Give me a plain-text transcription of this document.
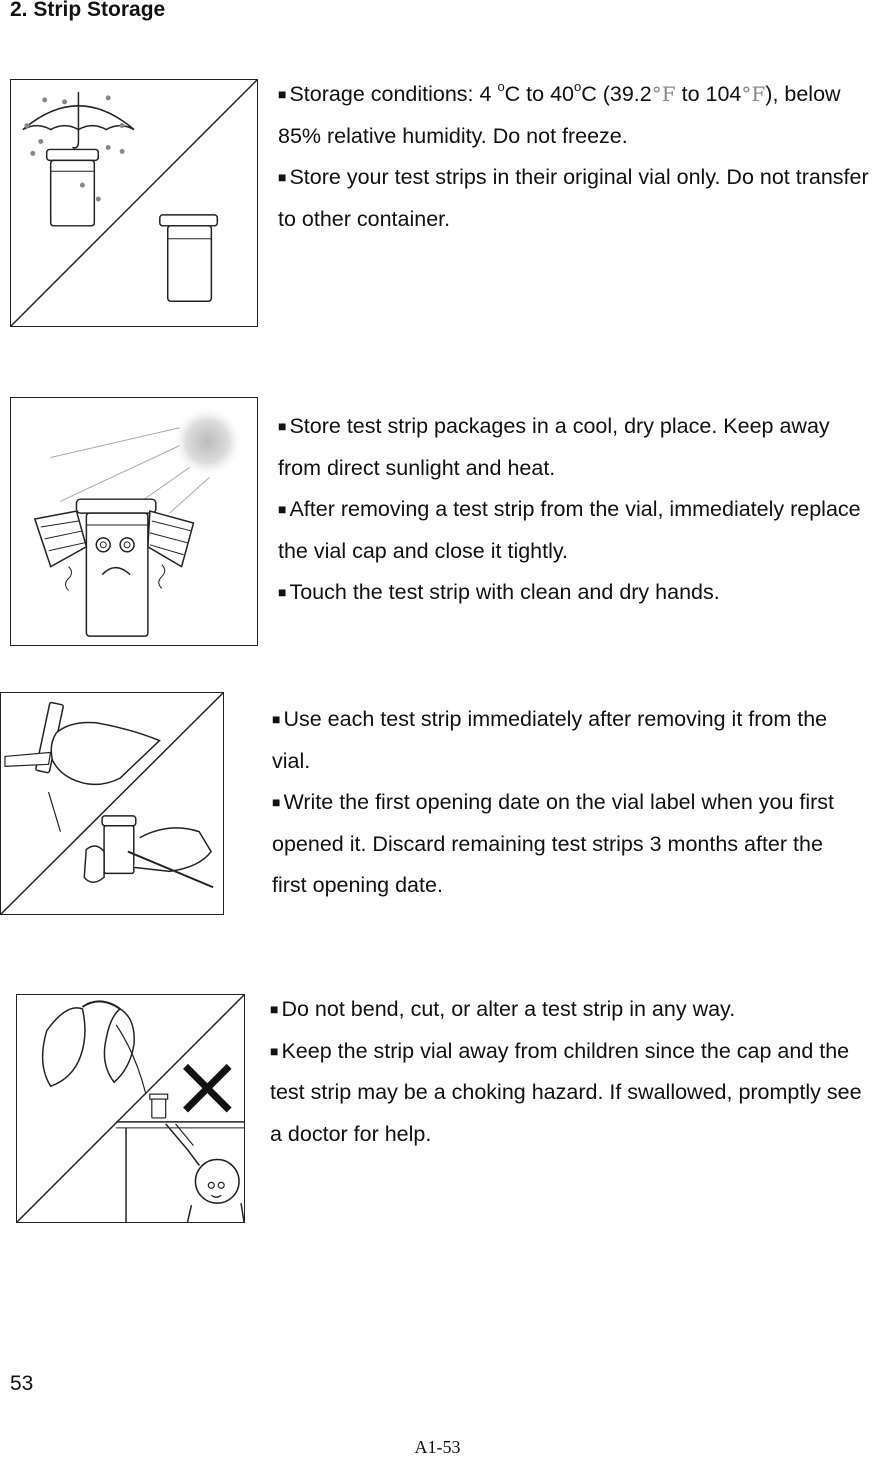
2. Strip Storage

■ Storage conditions: 4 $^o$C to 40$^o$C (39.2°F to 104°F), below 85% relative humidity. Do not freeze.

■ Store your test strips in their original vial only. Do not transfer to other container.

■ Store test strip packages in a cool, dry place. Keep away from direct sunlight and heat.

■ After removing a test strip from the vial, immediately replace the vial cap and close it tightly.

■ Touch the test strip with clean and dry hands.

■ Use each test strip immediately after removing it from the vial.

■ Write the first opening date on the vial label when you first opened it. Discard remaining test strips 3 months after the first opening date.

■ Do not bend, cut, or alter a test strip in any way.

■ Keep the strip vial away from children since the cap and the test strip may be a choking hazard. If swallowed, promptly see a doctor for help.

53
A1-53
